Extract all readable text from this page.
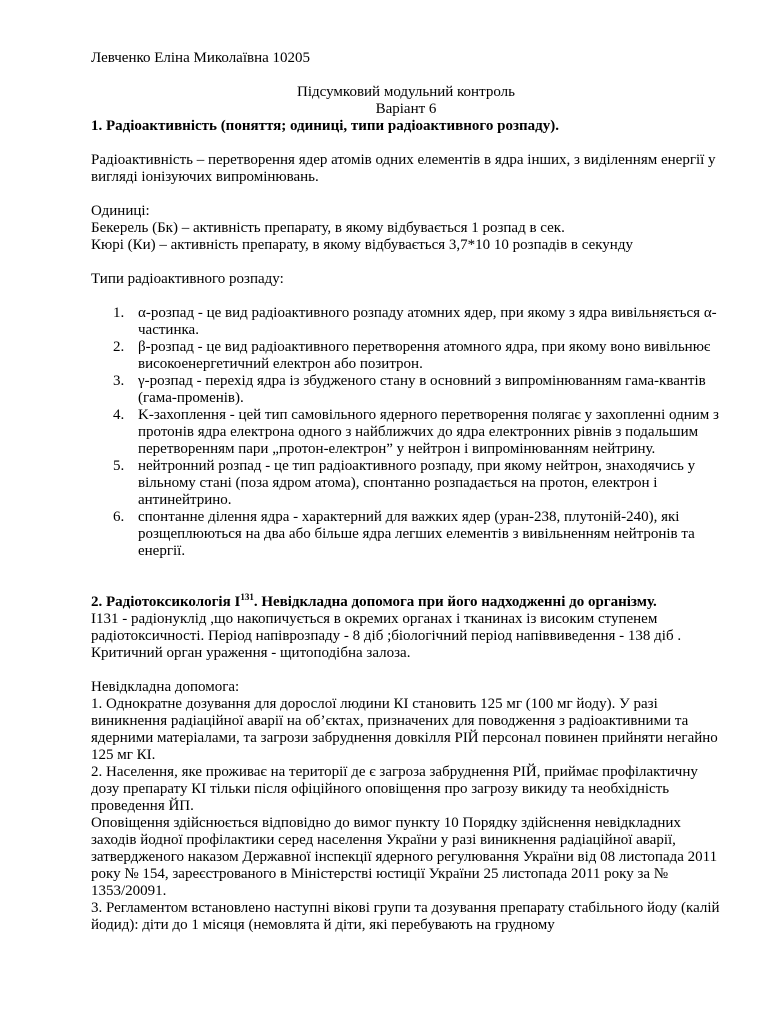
Левченко Еліна Миколаївна 10205

Підсумковий модульний контроль

Варіант 6

1. Радіоактивність (поняття; одиниці, типи радіоактивного розпаду).

Радіоактивність – перетворення ядер атомів одних елементів в ядра інших, з виділенням енергії у вигляді іонізуючих випромінювань.

Одиниці:

Бекерель (Бк) – активність препарату, в якому відбувається 1 розпад в сек.

Кюрі (Ки) – активність препарату, в якому відбувається 3,7*10 10 розпадів в секунду

Типи радіоактивного розпаду:

1. α-розпад - це вид радіоактивного розпаду атомних ядер, при якому з ядра вивільняється α-частинка.
2. β-розпад - це вид радіоактивного перетворення атомного ядра, при якому воно вивільнює високоенергетичний електрон або позитрон.
3. γ-розпад - перехід ядра із збудженого стану в основний з випромінюванням гама-квантів (гама-променів).
4. K-захоплення - цей тип самовільного ядерного перетворення полягає у захопленні одним з протонів ядра електрона одного з найближчих до ядра електронних рівнів з подальшим перетворенням пари „протон-електрон” у нейтрон і випромінюванням нейтрину.
5. нейтронний розпад - це тип радіоактивного розпаду, при якому нейтрон, знаходячись у вільному стані (поза ядром атома), спонтанно розпадається на протон, електрон і антинейтрино.
6. спонтанне ділення ядра - характерний для важких ядер (уран-238, плутоній-240), які розщеплюються на два або більше ядра легших елементів з вивільненням нейтронів та енергії.

2. Радіотоксикологія $I^{131}$. Невідкладна допомога при його надходженні до організму.

I131 - радіонуклід ,що накопичується в окремих органах і тканинах із високим ступенем радіотоксичності. Період напіврозпаду - 8 діб ;біологічний період напіввиведення - 138 діб . Критичний орган ураження - щитоподібна залоза.

Невідкладна допомога:

1. Однократне дозування для дорослої людини КІ становить 125 мг (100 мг йоду). У разі виникнення радіаційної аварії на об’єктах, призначених для поводження з радіоактивними та ядерними матеріалами, та загрози забруднення довкілля РІЙ персонал повинен прийняти негайно 125 мг КІ.

2. Населення, яке проживає на території де є загроза забруднення РІЙ, приймає профілактичну дозу препарату КІ тільки після офіційного оповіщення про загрозу викиду та необхідність проведення ЙП.

Оповіщення здійснюється відповідно до вимог пункту 10 Порядку здійснення невідкладних заходів йодної профілактики серед населення України у разі виникнення радіаційної аварії, затвердженого наказом Державної інспекції ядерного регулювання України від 08 листопада 2011 року № 154, зареєстрованого в Міністерстві юстиції України 25 листопада 2011 року за № 1353/20091.

3. Регламентом встановлено наступні вікові групи та дозування препарату стабільного йоду (калій йодид): діти до 1 місяця (немовлята й діти, які перебувають на грудному
